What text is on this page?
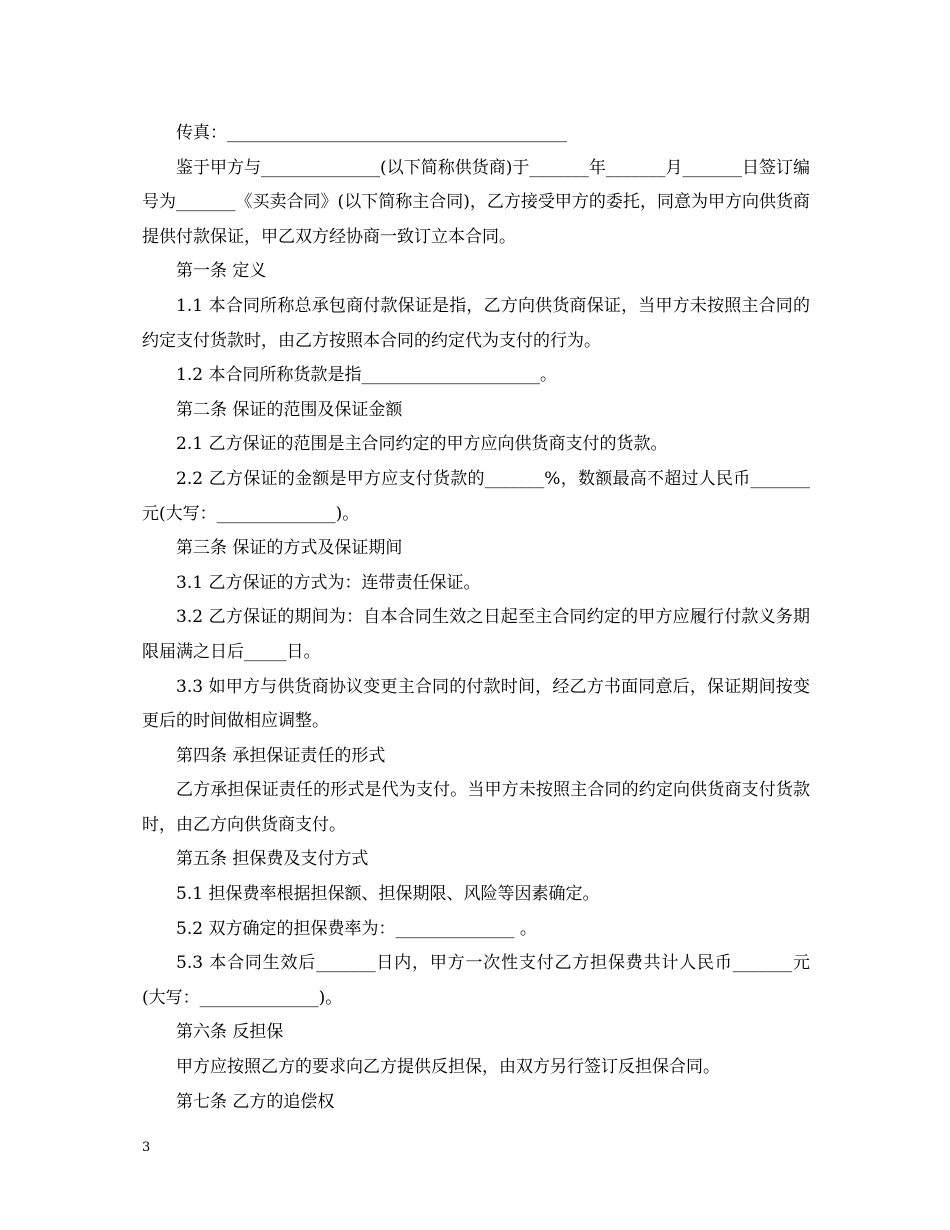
传真：________________________________________

鉴于甲方与______________(以下简称供货商)于_______年_______月_______日签订编号为_______《买卖合同》(以下简称主合同)，乙方接受甲方的委托，同意为甲方向供货商提供付款保证，甲乙双方经协商一致订立本合同。

第一条 定义

1.1 本合同所称总承包商付款保证是指，乙方向供货商保证，当甲方未按照主合同的约定支付货款时，由乙方按照本合同的约定代为支付的行为。

1.2 本合同所称货款是指_____________________。

第二条 保证的范围及保证金额

2.1 乙方保证的范围是主合同约定的甲方应向供货商支付的货款。

2.2 乙方保证的金额是甲方应支付货款的_______%，数额最高不超过人民币_______元(大写：______________)。

第三条 保证的方式及保证期间

3.1 乙方保证的方式为：连带责任保证。

3.2 乙方保证的期间为：自本合同生效之日起至主合同约定的甲方应履行付款义务期限届满之日后_____日。

3.3 如甲方与供货商协议变更主合同的付款时间，经乙方书面同意后，保证期间按变更后的时间做相应调整。

第四条 承担保证责任的形式

乙方承担保证责任的形式是代为支付。当甲方未按照主合同的约定向供货商支付货款时，由乙方向供货商支付。

第五条 担保费及支付方式

5.1 担保费率根据担保额、担保期限、风险等因素确定。

5.2 双方确定的担保费率为：______________ 。

5.3 本合同生效后_______日内，甲方一次性支付乙方担保费共计人民币_______元(大写：______________)。

第六条 反担保

甲方应按照乙方的要求向乙方提供反担保，由双方另行签订反担保合同。

第七条 乙方的追偿权

3
